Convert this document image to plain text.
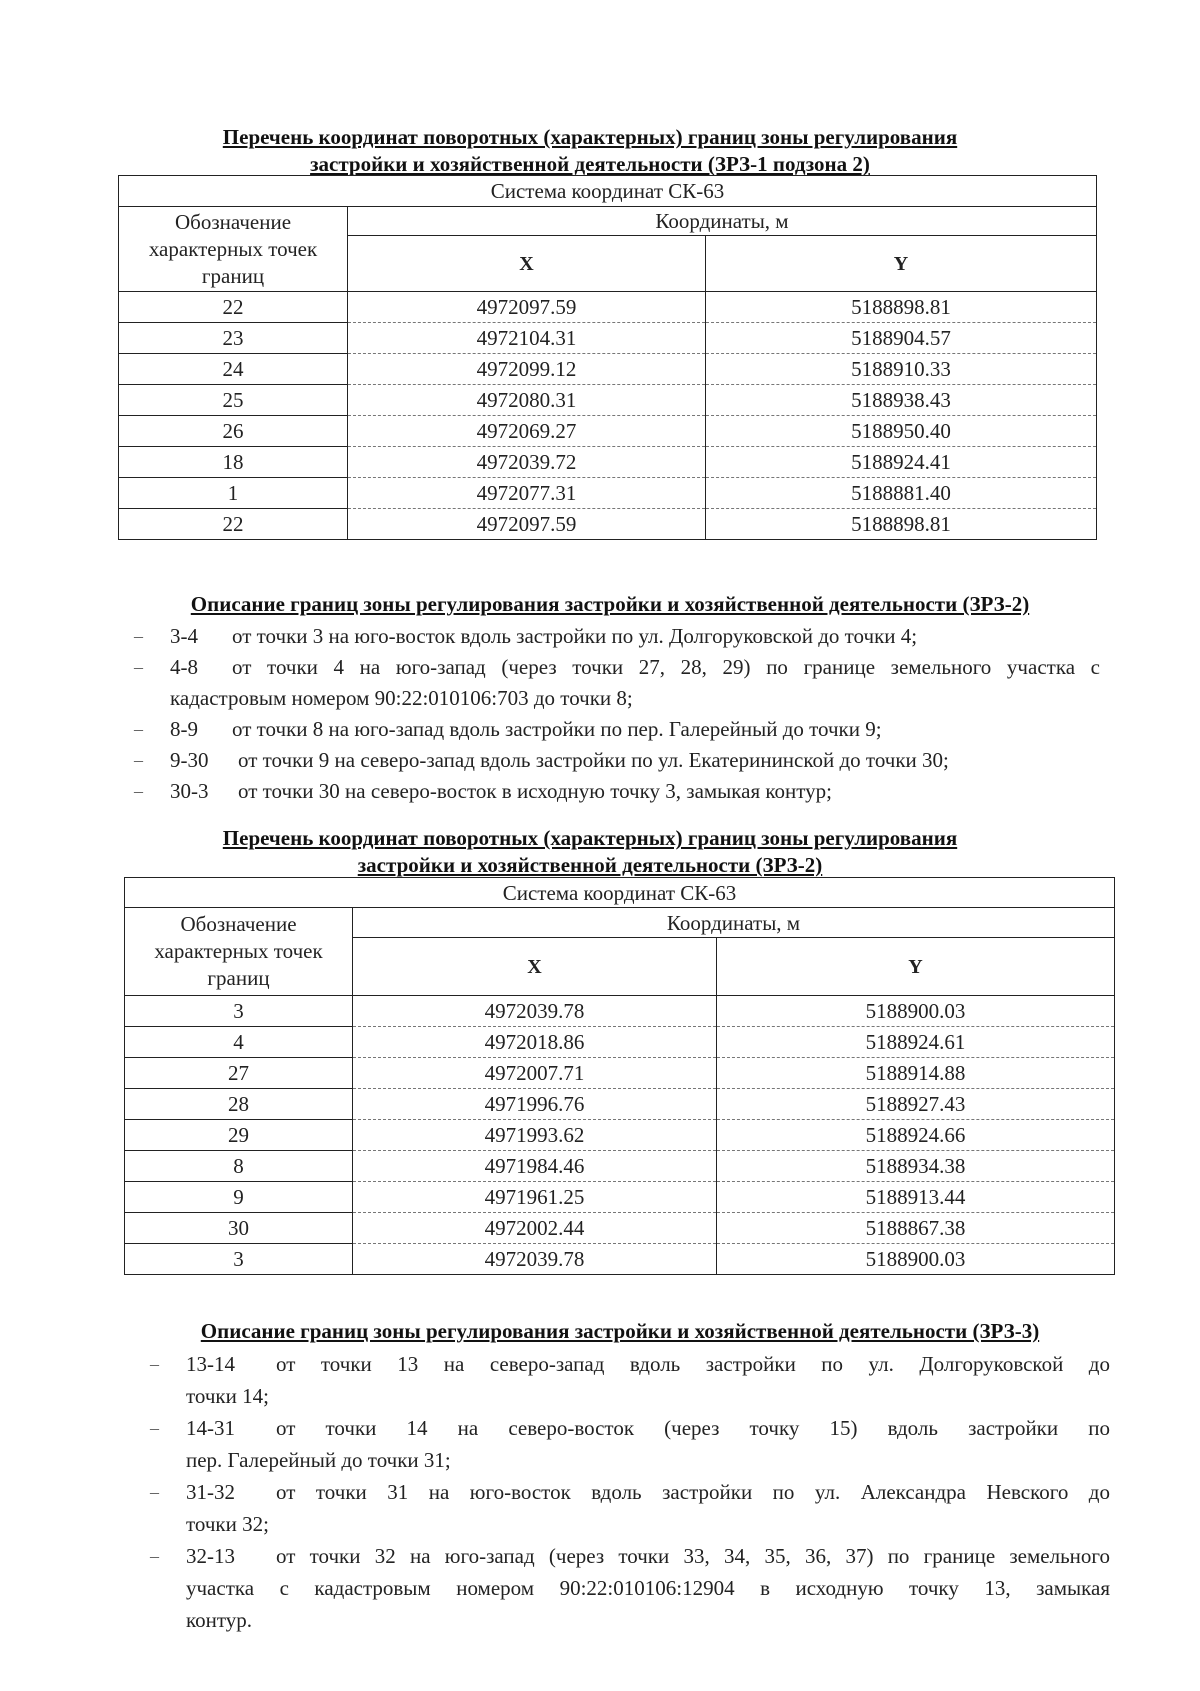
Перечень координат поворотных (характерных) границ зоны регулирования
застройки и хозяйственной деятельности (ЗРЗ-1 подзона 2)
Система координат СК-63		
Обозначение характерных точек границ	Координаты, м	
	X	Y
22	4972097.59	5188898.81
23	4972104.31	5188904.57
24	4972099.12	5188910.33
25	4972080.31	5188938.43
26	4972069.27	5188950.40
18	4972039.72	5188924.41
1	4972077.31	5188881.40
22	4972097.59	5188898.81
Описание границ зоны регулирования застройки и хозяйственной деятельности (ЗРЗ-2)
– 3-4 от точки 3 на юго-восток вдоль застройки по ул. Долгоруковской до точки 4;
– 4-8 от точки 4 на юго-запад (через точки 27, 28, 29) по границе земельного участка с
кадастровым номером 90:22:010106:703 до точки 8;
– 8-9 от точки 8 на юго-запад вдоль застройки по пер. Галерейный до точки 9;
– 9-30 от точки 9 на северо-запад вдоль застройки по ул. Екатерининской до точки 30;
– 30-3 от точки 30 на северо-восток в исходную точку 3, замыкая контур;
Перечень координат поворотных (характерных) границ зоны регулирования
застройки и хозяйственной деятельности (ЗРЗ-2)
Система координат СК-63		
Обозначение характерных точек границ	Координаты, м	
	X	Y
3	4972039.78	5188900.03
4	4972018.86	5188924.61
27	4972007.71	5188914.88
28	4971996.76	5188927.43
29	4971993.62	5188924.66
8	4971984.46	5188934.38
9	4971961.25	5188913.44
30	4972002.44	5188867.38
3	4972039.78	5188900.03
Описание границ зоны регулирования застройки и хозяйственной деятельности (ЗРЗ-3)
– 13-14 от точки 13 на северо-запад вдоль застройки по ул. Долгоруковской до
точки 14;
– 14-31 от точки 14 на северо-восток (через точку 15) вдоль застройки по
пер. Галерейный до точки 31;
– 31-32 от точки 31 на юго-восток вдоль застройки по ул. Александра Невского до
точки 32;
– 32-13 от точки 32 на юго-запад (через точки 33, 34, 35, 36, 37) по границе земельного
участка с кадастровым номером 90:22:010106:12904 в исходную точку 13, замыкая
контур.
